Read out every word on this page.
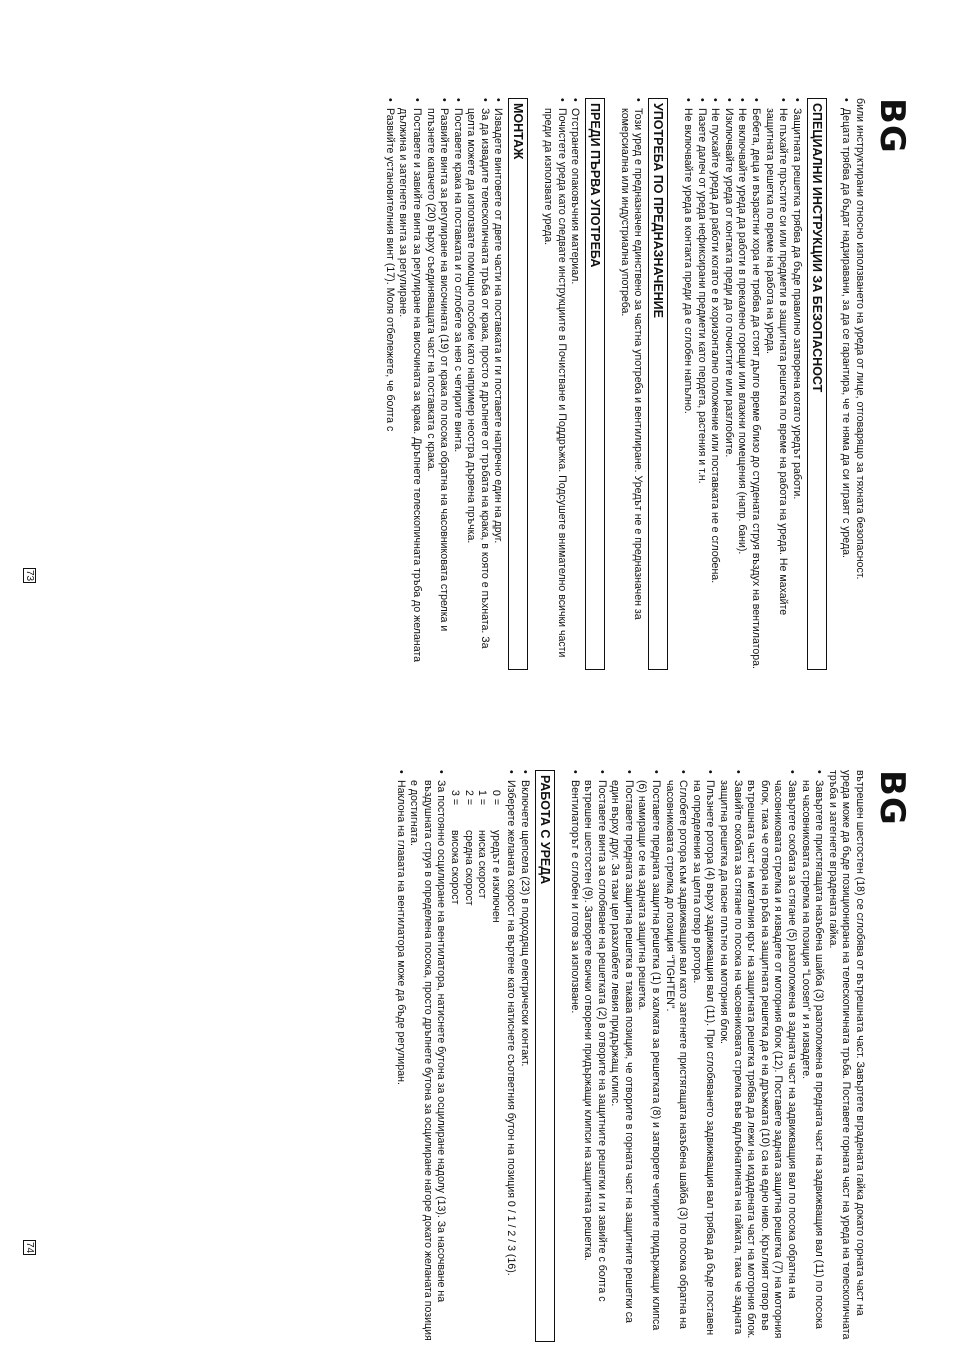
BG

били инструктирани относно използването на уреда от лице, отговарящо за тяхната безопасност.

• Децата трябва да бъдат надзиравани, за да се гарантира, че те няма да си играят с уреда.
СПЕЦИАЛНИ ИНСТРУКЦИИ ЗА БЕЗОПАСНОСТ
• Защитната решетка трябва да бъде правилно затворена когато уредът работи.
• Не пъхайте пръстите си или предмети в защитната решетка по време на работа на уреда. Не махайте защитната решетка по време на работа на уреда.
• Бебета, деца и възрастни хора не трябва да стоят дълго време близо до студената струя въздух на вентилатора.
• Не включвайте уреда да работи в прекалено горещи или влажни помещения (напр. бани).
• Изключвайте уреда от контакта преди да го почистите или разглобите.
• Не пускайте уреда да работи когато е в хоризонтално положение или поставката не е сглобена.
• Пазете далеч от уреда нефиксирани предмети като пердета, растения и т.н.
• Не включвайте уреда в контакта преди да е сглобен напълно.
УПОТРЕБА ПО ПРЕДНАЗНАЧЕНИЕ
• Този уред е предназначен единствено за частна употреба и вентилиране. Уредът не е предназначен за комерсиална или индустриална употреба.
ПРЕДИ ПЪРВА УПОТРЕБА
• Отстранете опаковъчния материал.
• Почистете уреда като следвате инструкциите в Почистване и Поддръжка. Подсушете внимателно всички части преди да използвате уреда.
МОНТАЖ
• Извадете винтовете от двете части на поставката и ги поставете напречно един на друг.
• За да извадите телескопичната тръба от крака, просто я дръпнете от тръбата на крака, в която е пъхната. За целта можете да използвате помощно пособие като например неостра дървена пръчка.
• Поставете крака на поставката и го сглобете за нея с четирите винта.
• Развийте винта за регулиране на височината (19) от крака по посока обратна на часовниковата стрелка и плъзнете капачето (20) върху съединяващата част на поставката с крака.
• Поставете и завийте винта за регулиране на височината за крака. Дръпнете телескопичната тръба до желаната дължина и затегнете винта за регулиране.
• Развийте установителния винт (17). Моля отбележете, че болта с
73
BG

вътрешен шестостен (18) се сглобява от вътрешната част. Завъртете вградената гайка докато горната част на уреда може да бъде позиционирана на телескопичната тръба. Поставете горната част на уреда на телескопичната тръба и затегнете вградената гайка.

• Завъртете пристягащата назъбена шайба (3) разположена в предната част на задвижващия вал (11) по посока на часовниковата стрелка на позиция “Loosen” и я извадете.
• Завъртете скобата за стягане (5) разположена в задната част на задвижващия вал по посока обратна на часовниковата стрелка и я извадете от моторния блок (12). Поставете задната защитна решетка (7) на моторния блок, така че отвора на ръба на защитната решетка да е на дръжката (10) са на едно ниво. Кръглият отвор във вътрешната част на металния кръг на защитната решетка трябва да лежи на издадената част на моторния блок.
• Завийте скобата за стягане по посока на часовниковата стрелка във вдлъбнатината на гайката, така че задната защитна решетка да пасне плътно на моторния блок.
• Плъзнете ротора (4) върху задвижващия вал (11). При сглобяването задвижващия вал трябва да бъде поставен на определения за целта отвор в ротора.
• Сглобете ротора към задвижващия вал като затегнете пристягащата назъбена шайба (3) по посока обратна на часовниковата стрелка до позиция “TIGHTEN”.
• Поставете предната защитна решетка (1) в халката за решетката (8) и затворете четирите придържащи клипса (6) намиращи се на задната защитна решетка.
• Поставете предната защитна решетка в такава позиция, че отворите в горната част на защитните решетки са един върху друг. За тази цел разхлабете левия придържащ клипс.
• Поставете винта за сглобяване на решетката (2) в отворите на защитните решетки и ги завийте с болта с вътрешен шестостен (9). Затворете всички отворени придържащи клипси на защитната решетка.
• Вентилаторът е сглобен и готов за използване.
РАБОТА С УРЕДА
• Включете щепсела (23) в подходящ електрически контакт.
• Изберете желаната скорост на въртене като натиснете съответния бутон на позиция 0 / 1 / 2 / 3 (16).
0 =
уредът е изключен
1 =
ниска скорост
2 =
средна скорост
3 =
висока скорост
• За постоянно осцилиране на вентилатора, натиснете бутона за осцилиране надолу (13). За насочване на въздушната струя в определена посока, просто дръпнете бутона за осцилиране нагоре докато желаната позиция е достигната.
• Наклона на главата на вентилатора може да бъде регулиран.
74
